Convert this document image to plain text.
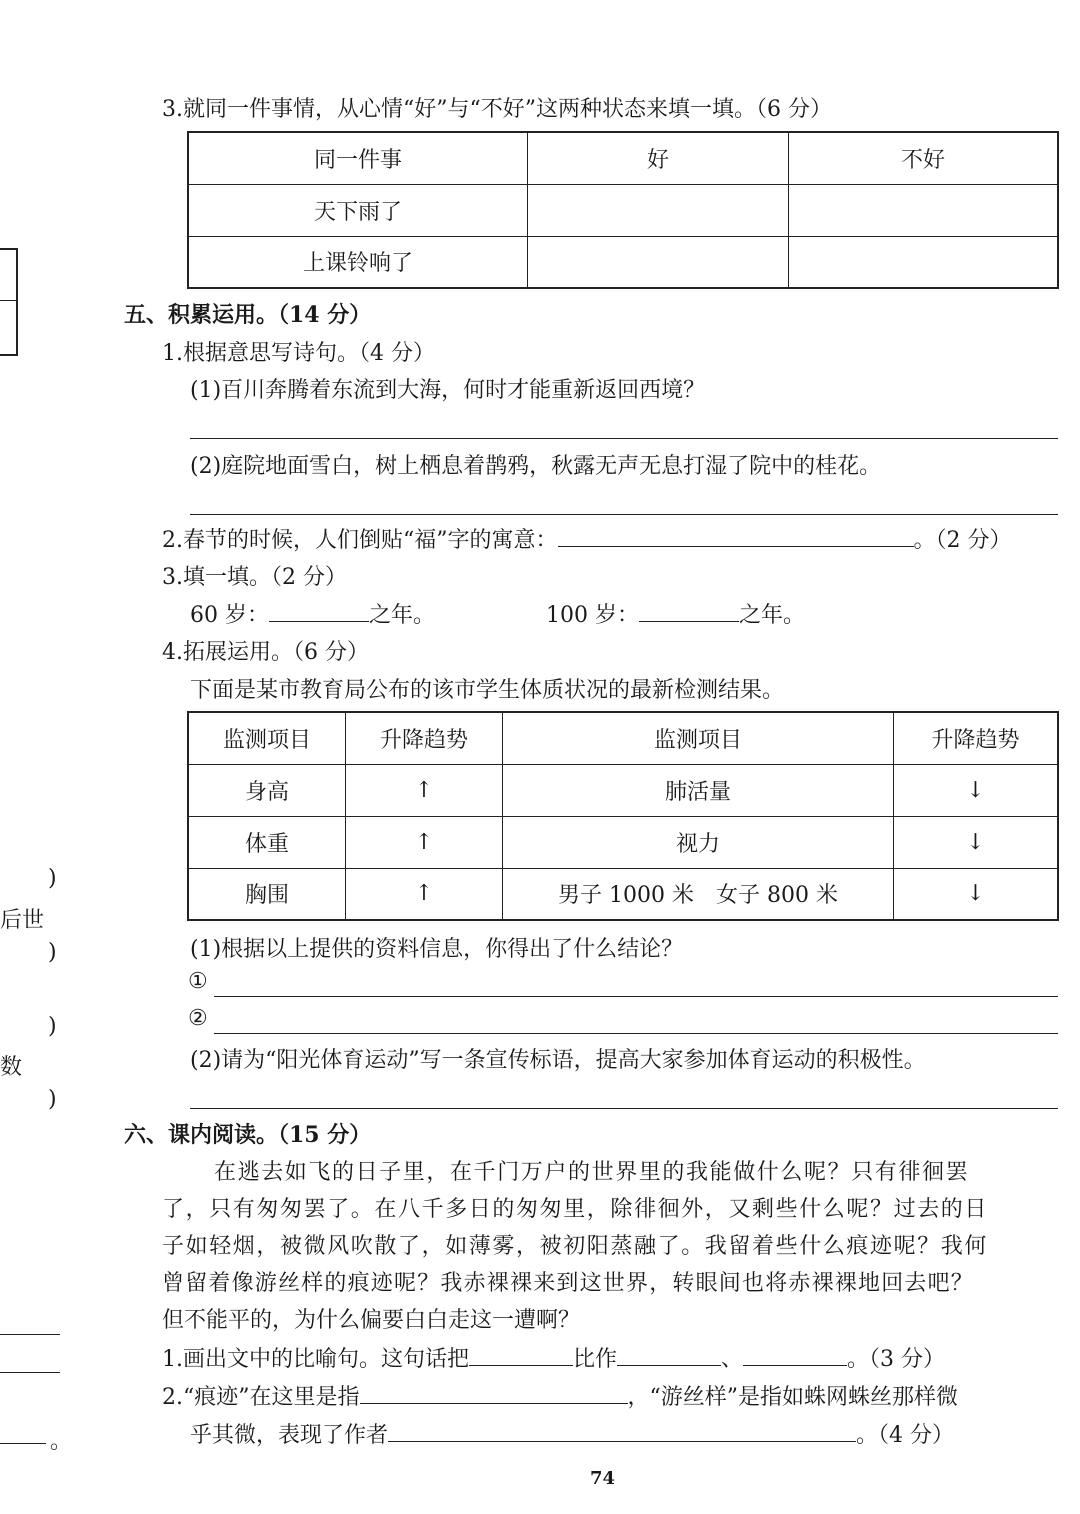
)
后世
)
)
数
)
。
3.就同一件事情，从心情“好”与“不好”这两种状态来填一填。（6 分）
同一件事	好	不好
天下雨了		
上课铃响了		
五、积累运用。（14 分）
1.根据意思写诗句。（4 分）
(1)百川奔腾着东流到大海，何时才能重新返回西境？
(2)庭院地面雪白，树上栖息着鹊鸦，秋露无声无息打湿了院中的桂花。
2.春节的时候，人们倒贴“福”字的寓意：	。（2 分）
3.填一填。（2 分）
60 岁：	之年。	100 岁：	之年。
4.拓展运用。（6 分）
下面是某市教育局公布的该市学生体质状况的最新检测结果。
监测项目	升降趋势	监测项目	升降趋势
身高	↑	肺活量	↓
体重	↑	视力	↓
胸围	↑	男子 1000 米　女子 800 米	↓
(1)根据以上提供的资料信息，你得出了什么结论？
①
②
(2)请为“阳光体育运动”写一条宣传标语，提高大家参加体育运动的积极性。
六、课内阅读。（15 分）
在逃去如飞的日子里，在千门万户的世界里的我能做什么呢？只有徘徊罢
了，只有匆匆罢了。在八千多日的匆匆里，除徘徊外，又剩些什么呢？过去的日
子如轻烟，被微风吹散了，如薄雾，被初阳蒸融了。我留着些什么痕迹呢？我何
曾留着像游丝样的痕迹呢？我赤裸裸来到这世界，转眼间也将赤裸裸地回去吧？
但不能平的，为什么偏要白白走这一遭啊？
1.画出文中的比喻句。这句话把	比作	、	。（3 分）
2.“痕迹”在这里是指	，“游丝样”是指如蛛网蛛丝那样微
乎其微，表现了作者	。（4 分）
74
